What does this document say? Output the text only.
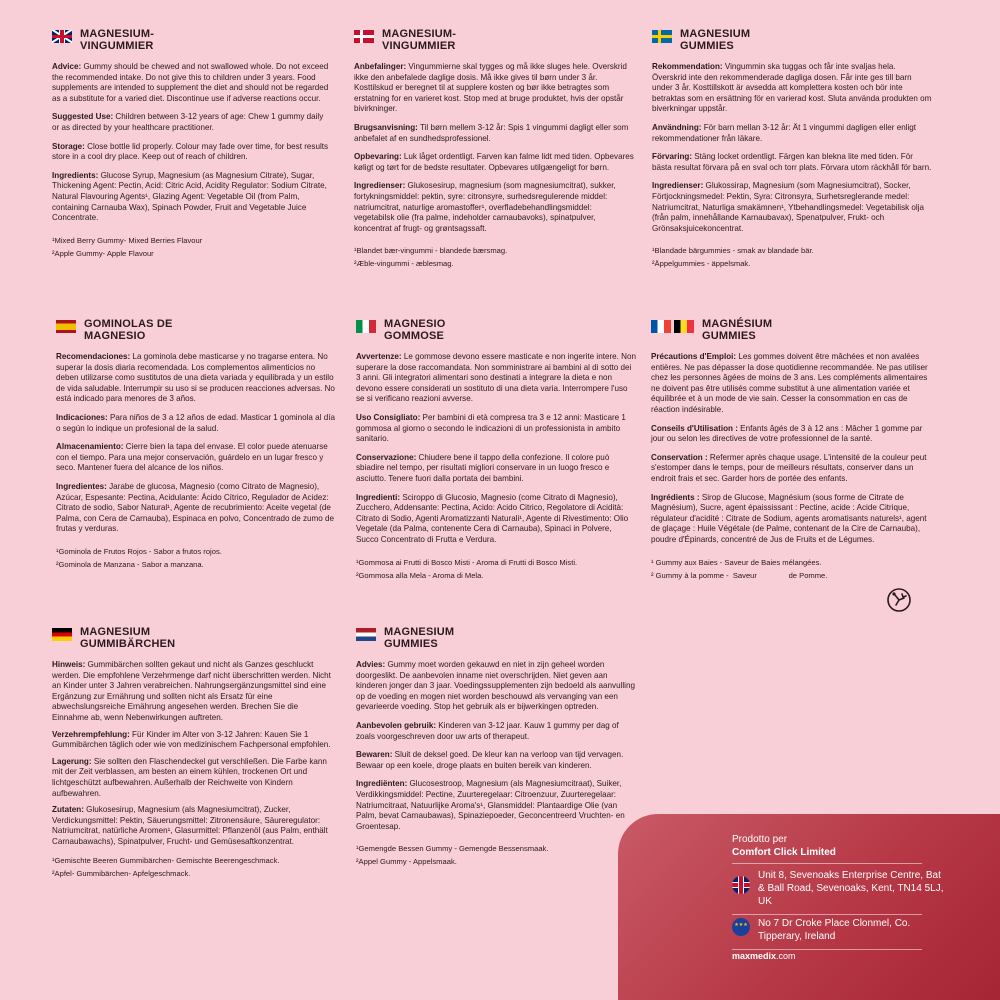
MAGNESIUM-
VINGUMMIER

Advice: Gummy should be chewed and not swallowed whole. Do not exceed the recommended intake. Do not give this to children under 3 years. Food supplements are intended to supplement the diet and should not be regarded as a substitute for a varied diet. Discontinue use if adverse reactions occur.

Suggested Use: Children between 3-12 years of age: Chew 1 gummy daily or as directed by your healthcare practitioner.

Storage: Close bottle lid properly. Colour may fade over time, for best results store in a cool dry place. Keep out of reach of children.

Ingredients: Glucose Syrup, Magnesium (as Magnesium Citrate), Sugar, Thickening Agent: Pectin, Acid: Citric Acid, Acidity Regulator: Sodium Citrate, Natural Flavouring Agents¹, Glazing Agent: Vegetable Oil (from Palm, containing Carnauba Wax), Spinach Powder, Fruit and Vegetable Juice Concentrate.

¹Mixed Berry Gummy- Mixed Berries Flavour

²Apple Gummy- Apple Flavour

MAGNESIUM-
VINGUMMIER

Anbefalinger: Vingummierne skal tygges og må ikke sluges hele. Overskrid ikke den anbefalede daglige dosis. Må ikke gives til børn under 3 år. Kosttilskud er beregnet til at supplere kosten og bør ikke betragtes som erstatning for en varieret kost. Stop med at bruge produktet, hvis der opstår bivirkninger.

Brugsanvisning: Til børn mellem 3-12 år: Spis 1 vingummi dagligt eller som anbefalet af en sundhedsprofessionel.

Opbevaring: Luk låget ordentligt. Farven kan falme lidt med tiden. Opbevares køligt og tørt for de bedste resultater. Opbevares utilgængeligt for børn.

Ingredienser: Glukosesirup, magnesium (som magnesiumcitrat), sukker, fortykningsmiddel: pektin, syre: citronsyre, surhedsregulerende middel: natriumcitrat, naturlige aromastoffer¹, overfladebehandlingsmiddel: vegetabilsk olie (fra palme, indeholder carnaubavoks), spinatpulver, koncentrat af frugt- og grøntsagssaft.

¹Blandet bær-vingummi - blandede bærsmag.

²Æble-vingummi - æblesmag.

MAGNESIUM
GUMMIES

Rekommendation: Vingummin ska tuggas och får inte svaljas hela. Överskrid inte den rekommenderade dagliga dosen. Får inte ges till barn under 3 år. Kosttillskott är avsedda att komplettera kosten och bör inte betraktas som en ersättning för en varierad kost. Sluta använda produkten om biverkningar uppstår.

Användning: För barn mellan 3-12 år: Ät 1 vingummi dagligen eller enligt rekommendationer från läkare.

Förvaring: Stäng locket ordentligt. Färgen kan blekna lite med tiden. För bästa resultat förvara på en sval och torr plats. Förvara utom räckhåll för barn.

Ingredienser: Glukossirap, Magnesium (som Magnesiumcitrat), Socker, Förtjockningsmedel: Pektin, Syra: Citronsyra, Surhetsreglerande medel: Natriumcitrat, Naturliga smakämnen¹, Ytbehandlingsmedel: Vegetabilisk olja (från palm, innehållande Karnaubavax), Spenatpulver, Frukt- och Grönsaksjuicekoncentrat.

¹Blandade bärgummies - smak av blandade bär.

²Äppelgummies - äppelsmak.

GOMINOLAS DE
MAGNESIO

Recomendaciones: La gominola debe masticarse y no tragarse entera. No superar la dosis diaria recomendada. Los complementos alimenticios no deben utilizarse como sustitutos de una dieta variada y equilibrada y un estilo de vida saludable. Interrumpir su uso si se producen reacciones adversas. No está indicado para menores de 3 años.

Indicaciones: Para niños de 3 a 12 años de edad. Masticar 1 gominola al día o según lo indique un profesional de la salud.

Almacenamiento: Cierre bien la tapa del envase. El color puede atenuarse con el tiempo. Para una mejor conservación, guárdelo en un lugar fresco y seco. Mantener fuera del alcance de los niños.

Ingredientes: Jarabe de glucosa, Magnesio (como Citrato de Magnesio), Azúcar, Espesante: Pectina, Acidulante: Ácido Cítrico, Regulador de Acidez: Citrato de sodio, Sabor Natural¹, Agente de recubrimiento: Aceite vegetal (de Palma, con Cera de Carnauba), Espinaca en polvo, Concentrado de zumo de frutas y verduras.

¹Gominola de Frutos Rojos - Sabor a frutos rojos.

²Gominola de Manzana - Sabor a manzana.

MAGNESIO
GOMMOSE

Avvertenze: Le gommose devono essere masticate e non ingerite intere. Non superare la dose raccomandata. Non somministrare ai bambini al di sotto dei 3 anni. Gli integratori alimentari sono destinati a integrare la dieta e non devono essere considerati un sostituto di una dieta varia. Interrompere l'uso se si verificano reazioni avverse.

Uso Consigliato: Per bambini di età compresa tra 3 e 12 anni: Masticare 1 gommosa al giorno o secondo le indicazioni di un professionista in ambito sanitario.

Conservazione: Chiudere bene il tappo della confezione. Il colore può sbiadire nel tempo, per risultati migliori conservare in un luogo fresco e asciutto. Tenere fuori dalla portata dei bambini.

Ingredienti: Sciroppo di Glucosio, Magnesio (come Citrato di Magnesio), Zucchero, Addensante: Pectina, Acido: Acido Citrico, Regolatore di Acidità: Citrato di Sodio, Agenti Aromatizzanti Naturali¹, Agente di Rivestimento: Olio Vegetale (da Palma, contenente Cera di Carnauba), Spinaci in Polvere, Succo Concentrato di Frutta e Verdura.

¹Gommosa ai Frutti di Bosco Misti - Aroma di Frutti di Bosco Misti.

²Gommosa alla Mela - Aroma di Mela.

MAGNÉSIUM
GUMMIES

Précautions d'Emploi: Les gommes doivent être mâchées et non avalées entières. Ne pas dépasser la dose quotidienne recommandée. Ne pas utiliser chez les personnes âgées de moins de 3 ans. Les compléments alimentaires ne doivent pas être utilisés comme substitut à une alimentation variée et équilibrée et à un mode de vie sain. Cesser la consommation en cas de réaction indésirable.

Conseils d'Utilisation : Enfants âgés de 3 à 12 ans : Mâcher 1 gomme par jour ou selon les directives de votre professionnel de la santé.

Conservation : Refermer après chaque usage. L'intensité de la couleur peut s'estomper dans le temps, pour de meilleurs résultats, conserver dans un endroit frais et sec. Garder hors de portée des enfants.

Ingrédients : Sirop de Glucose, Magnésium (sous forme de Citrate de Magnésium), Sucre, agent épaississant : Pectine, acide : Acide Citrique, régulateur d'acidité : Citrate de Sodium, agents aromatisants naturels¹, agent de glaçage : Huile Végétale (de Palme, contenant de la Cire de Carnauba), poudre d'Épinards, concentré de Jus de Fruits et de Légumes.

¹ Gummy aux Baies - Saveur de Baies mélangées.

² Gummy à la pomme -  Saveur               de Pomme.

MAGNESIUM
GUMMIBÄRCHEN

Hinweis: Gummibärchen sollten gekaut und nicht als Ganzes geschluckt werden. Die empfohlene Verzehrmenge darf nicht überschritten werden. Nicht an Kinder unter 3 Jahren verabreichen. Nahrungsergänzungsmittel sind eine Ergänzung zur Ernährung und sollten nicht als Ersatz für eine abwechslungsreiche Ernährung angesehen werden. Brechen Sie die Einnahme ab, wenn Nebenwirkungen auftreten.

Verzehrempfehlung: Für Kinder im Alter von 3-12 Jahren: Kauen Sie 1 Gummibärchen täglich oder wie von medizinischem Fachpersonal empfohlen.

Lagerung: Sie sollten den Flaschendeckel gut verschließen. Die Farbe kann mit der Zeit verblassen, am besten an einem kühlen, trockenen Ort und lichtgeschützt aufbewahren. Außerhalb der Reichweite von Kindern aufbewahren.

Zutaten: Glukosesirup, Magnesium (als Magnesiumcitrat), Zucker, Verdickungsmittel: Pektin, Säuerungsmittel: Zitronensäure, Säureregulator: Natriumcitrat, natürliche Aromen¹, Glasurmittel: Pflanzenöl (aus Palm, enthält Carnaubawachs), Spinatpulver, Frucht- und Gemüsesaftkonzentrat.

¹Gemischte Beeren Gummibärchen- Gemischte Beerengeschmack.

²Apfel- Gummibärchen- Apfelgeschmack.

MAGNESIUM
GUMMIES

Advies: Gummy moet worden gekauwd en niet in zijn geheel worden doorgeslikt. De aanbevolen inname niet overschrijden. Niet geven aan kinderen jonger dan 3 jaar. Voedingssupplementen zijn bedoeld als aanvulling op de voeding en mogen niet worden beschouwd als vervanging van een gevarieerde voeding. Stop het gebruik als er bijwerkingen optreden.

Aanbevolen gebruik: Kinderen van 3-12 jaar. Kauw 1 gummy per dag of zoals voorgeschreven door uw arts of therapeut.

Bewaren: Sluit de deksel goed. De kleur kan na verloop van tijd vervagen. Bewaar op een koele, droge plaats en buiten bereik van kinderen.

Ingrediënten: Glucosestroop, Magnesium (als Magnesiumcitraat), Suiker, Verdikkingsmiddel: Pectine, Zuurteregelaar: Citroenzuur, Zuurteregelaar: Natriumcitraat, Natuurlijke Aroma's¹, Glansmiddel: Plantaardige Olie (van Palm, bevat Carnaubawas), Spinaziepoeder, Geconcentreerd Vruchten- en Groentesap.

¹Gemengde Bessen Gummy - Gemengde Bessensmaak.

²Appel Gummy - Appelsmaak.

Prodotto per
Comfort Click Limited
Unit 8, Sevenoaks Enterprise Centre, Bat & Ball Road, Sevenoaks, Kent, TN14 5LJ, UK
★★★
No 7 Dr Croke Place Clonmel, Co. Tipperary, Ireland
maxmedix.com
